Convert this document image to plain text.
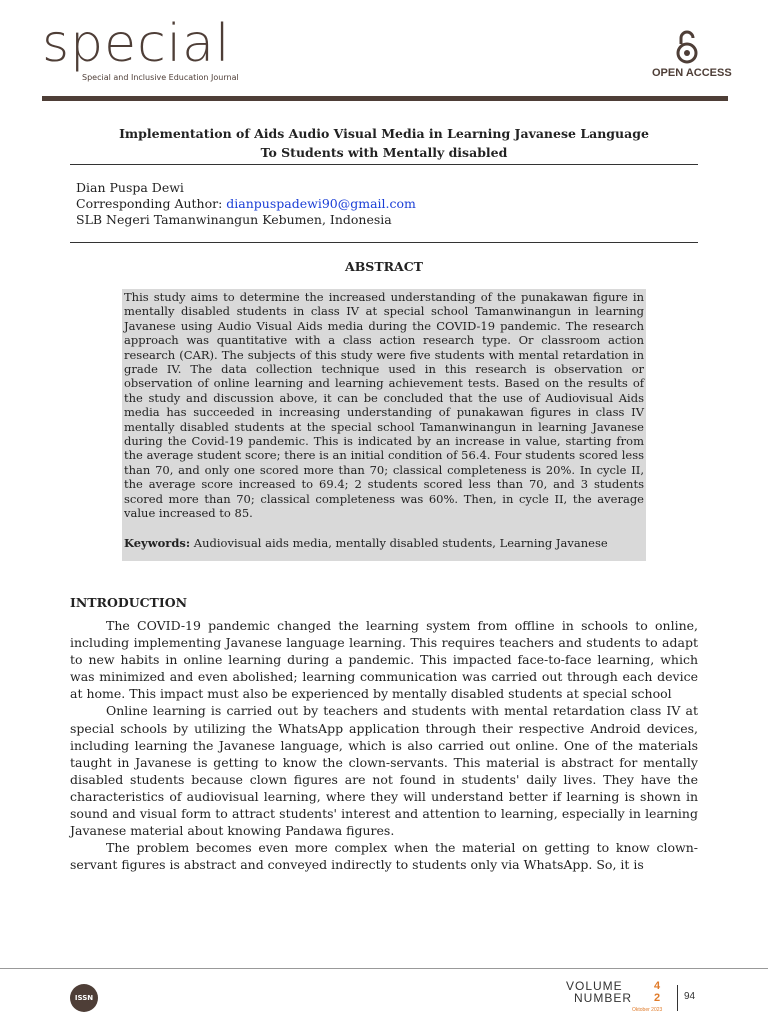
special
Special and Inclusive Education Journal	OPEN ACCESS
Implementation of Aids Audio Visual Media in Learning Javanese Language
To Students with Mentally disabled
Dian Puspa Dewi
Corresponding Author: dianpuspadewi90@gmail.com
SLB Negeri Tamanwinangun Kebumen, Indonesia
ABSTRACT

This study aims to determine the increased understanding of the punakawan figure in mentally disabled students in class IV at special school Tamanwinangun in learning Javanese using Audio Visual Aids media during the COVID-19 pandemic. The research approach was quantitative with a class action research type. Or classroom action research (CAR). The subjects of this study were five students with mental retardation in grade IV. The data collection technique used in this research is observation or observation of online learning and learning achievement tests. Based on the results of the study and discussion above, it can be concluded that the use of Audiovisual Aids media has succeeded in increasing understanding of punakawan figures in class IV mentally disabled students at the special school Tamanwinangun in learning Javanese during the Covid-19 pandemic. This is indicated by an increase in value, starting from the average student score; there is an initial condition of 56.4. Four students scored less than 70, and only one scored more than 70; classical completeness is 20%. In cycle II, the average score increased to 69.4; 2 students scored less than 70, and 3 students scored more than 70; classical completeness was 60%. Then, in cycle II, the average value increased to 85.

Keywords: Audiovisual aids media, mentally disabled students, Learning Javanese
INTRODUCTION

The COVID-19 pandemic changed the learning system from offline in schools to online, including implementing Javanese language learning. This requires teachers and students to adapt to new habits in online learning during a pandemic. This impacted face-to-face learning, which was minimized and even abolished; learning communication was carried out through each device at home. This impact must also be experienced by mentally disabled students at special school

Online learning is carried out by teachers and students with mental retardation class IV at special schools by utilizing the WhatsApp application through their respective Android devices, including learning the Javanese language, which is also carried out online. One of the materials taught in Javanese is getting to know the clown-servants. This material is abstract for mentally disabled students because clown figures are not found in students' daily lives. They have the characteristics of audiovisual learning, where they will understand better if learning is shown in sound and visual form to attract students' interest and attention to learning, especially in learning Javanese material about knowing Pandawa figures.

The problem becomes even more complex when the material on getting to know clown-servant figures is abstract and conveyed indirectly to students only via WhatsApp. So, it is

ISSN
VOLUME
NUMBER
4
2
Oktober 2023
94
